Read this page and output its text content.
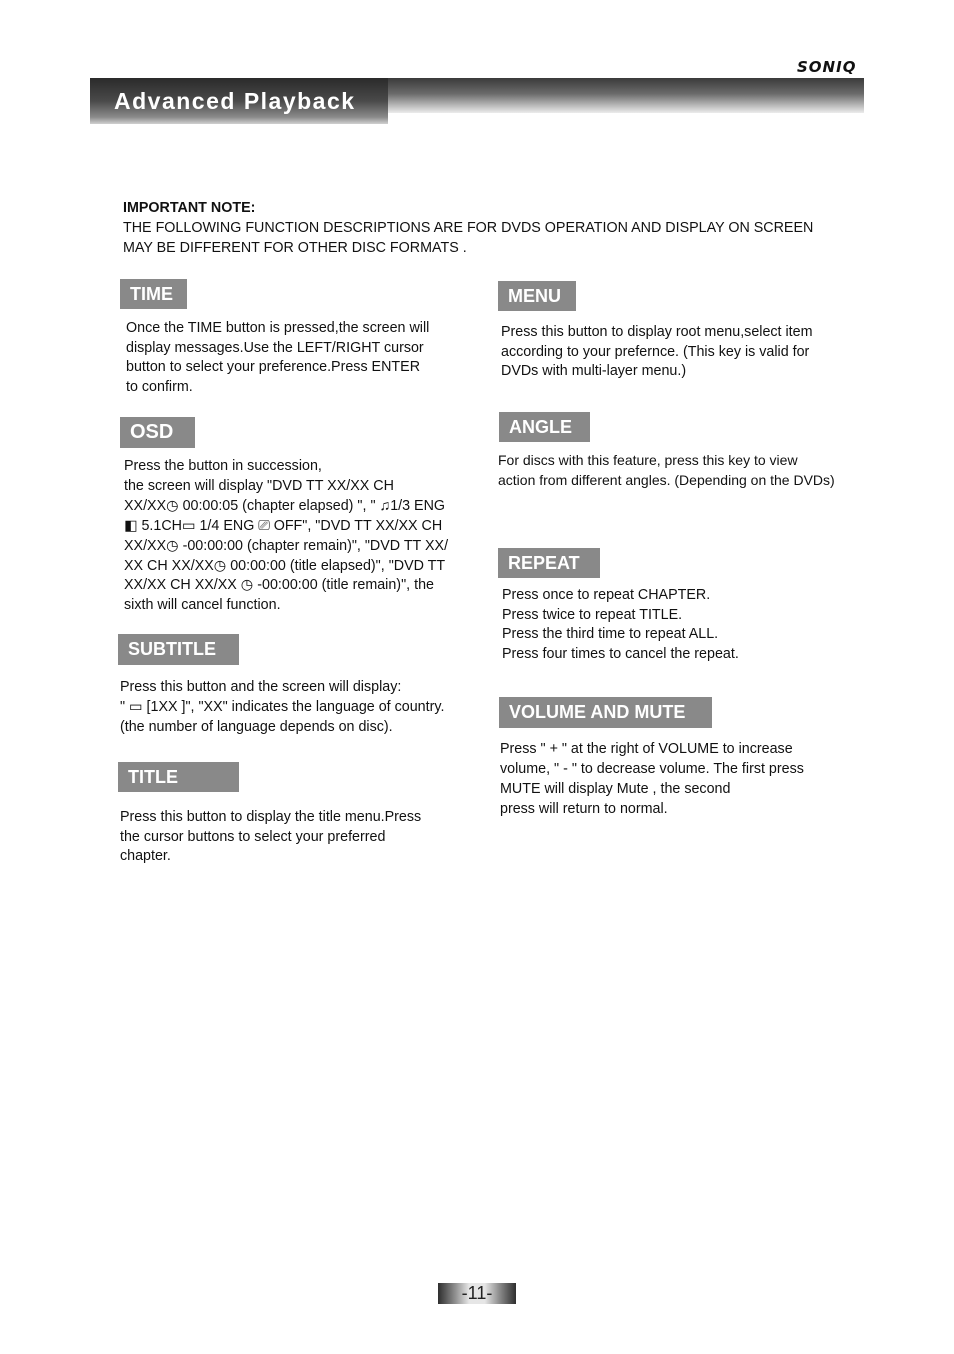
SONIQ
Advanced Playback
IMPORTANT NOTE:
THE FOLLOWING FUNCTION DESCRIPTIONS ARE FOR DVDS OPERATION AND DISPLAY ON SCREEN MAY BE DIFFERENT FOR OTHER DISC FORMATS .
TIME
Once the TIME button is pressed,the screen will
display messages.Use the LEFT/RIGHT cursor
button to select your preference.Press ENTER
to confirm.
OSD
Press the button in succession,
the screen will display "DVD TT XX/XX CH
XX/XX◷ 00:00:05 (chapter elapsed) ", " ♫1/3 ENG
◧ 5.1CH▭ 1/4 ENG ⎚ OFF", "DVD TT XX/XX CH
XX/XX◷ -00:00:00 (chapter remain)", "DVD TT XX/
XX CH XX/XX◷ 00:00:00 (title elapsed)", "DVD TT
XX/XX CH XX/XX ◷ -00:00:00 (title remain)", the
sixth will cancel function.
SUBTITLE
Press this button and the screen will display:
" ▭ [1XX ]", "XX" indicates the language of country.
(the number of language depends on disc).
TITLE
Press this button to display the title menu.Press
the cursor buttons to select your preferred
chapter.
MENU
Press this button to display root menu,select item
according to your prefernce. (This key is valid for
DVDs with multi-layer menu.)
ANGLE
For discs with this feature, press this key to view
action from different angles. (Depending on the DVDs)
REPEAT
Press once to repeat CHAPTER.
Press twice to repeat TITLE.
Press the third time to repeat ALL.
Press four times to cancel the repeat.
VOLUME AND MUTE
Press " + " at the right of VOLUME to increase
volume, " - " to decrease volume. The first press
MUTE will display Mute , the second
press will return to normal.
-11-
